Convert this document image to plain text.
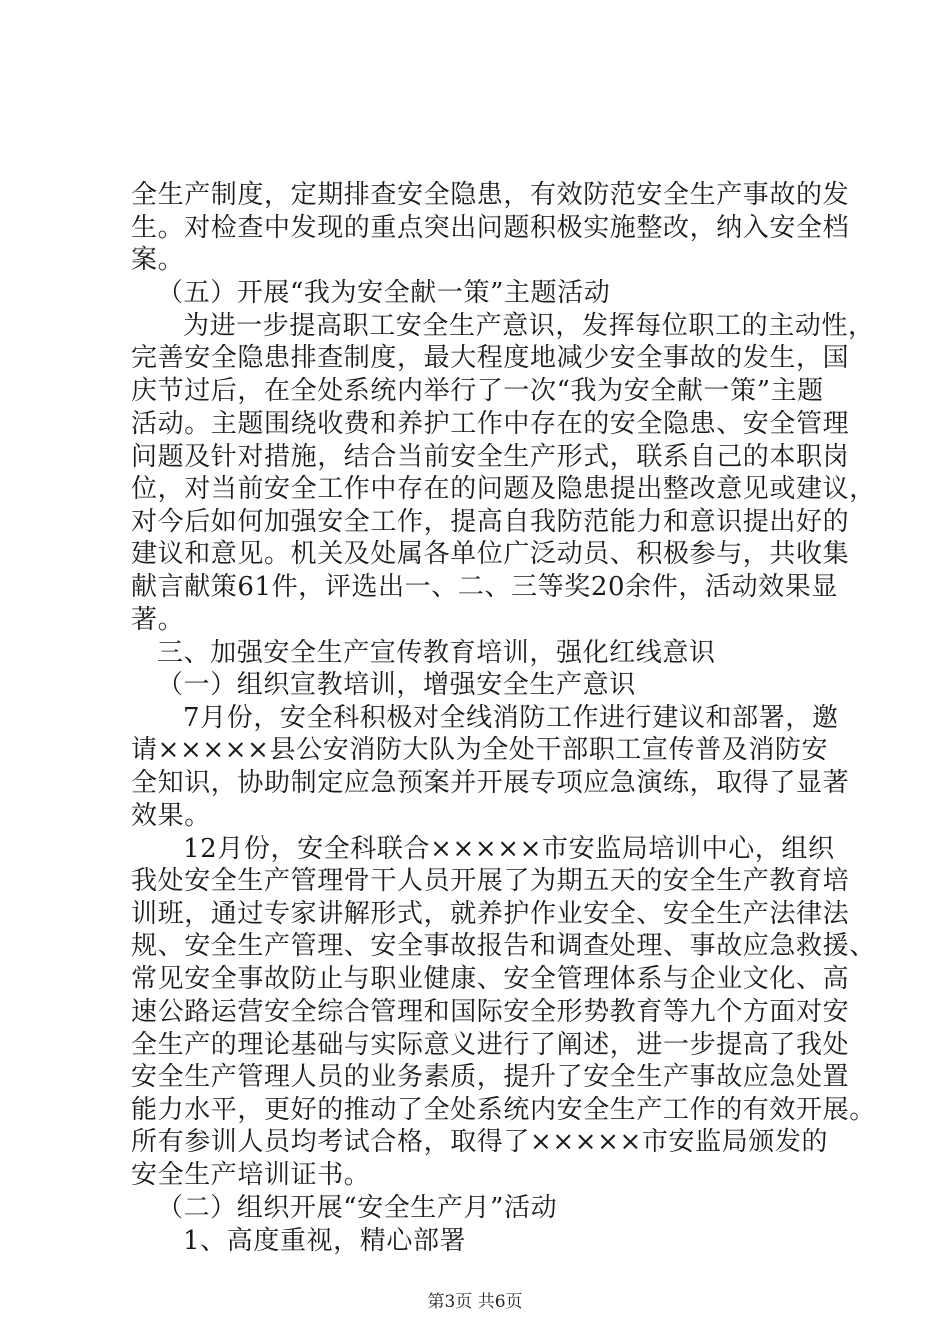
全生产制度，定期排查安全隐患，有效防范安全生产事故的发
生。对检查中发现的重点突出问题积极实施整改，纳入安全档
案。
（五）开展“我为安全献一策”主题活动
为进一步提高职工安全生产意识，发挥每位职工的主动性，
完善安全隐患排查制度，最大程度地减少安全事故的发生，国
庆节过后，在全处系统内举行了一次“我为安全献一策”主题
活动。主题围绕收费和养护工作中存在的安全隐患、安全管理
问题及针对措施，结合当前安全生产形式，联系自己的本职岗
位，对当前安全工作中存在的问题及隐患提出整改意见或建议，
对今后如何加强安全工作，提高自我防范能力和意识提出好的
建议和意见。机关及处属各单位广泛动员、积极参与，共收集
献言献策61件，评选出一、二、三等奖20余件，活动效果显
著。
三、加强安全生产宣传教育培训，强化红线意识
（一）组织宣教培训，增强安全生产意识
7月份，安全科积极对全线消防工作进行建议和部署，邀
请×××××县公安消防大队为全处干部职工宣传普及消防安
全知识，协助制定应急预案并开展专项应急演练，取得了显著
效果。
12月份，安全科联合×××××市安监局培训中心，组织
我处安全生产管理骨干人员开展了为期五天的安全生产教育培
训班，通过专家讲解形式，就养护作业安全、安全生产法律法
规、安全生产管理、安全事故报告和调查处理、事故应急救援、
常见安全事故防止与职业健康、安全管理体系与企业文化、高
速公路运营安全综合管理和国际安全形势教育等九个方面对安
全生产的理论基础与实际意义进行了阐述，进一步提高了我处
安全生产管理人员的业务素质，提升了安全生产事故应急处置
能力水平，更好的推动了全处系统内安全生产工作的有效开展。
所有参训人员均考试合格，取得了×××××市安监局颁发的
安全生产培训证书。
（二）组织开展“安全生产月”活动
1、高度重视，精心部署
第3页 共6页
